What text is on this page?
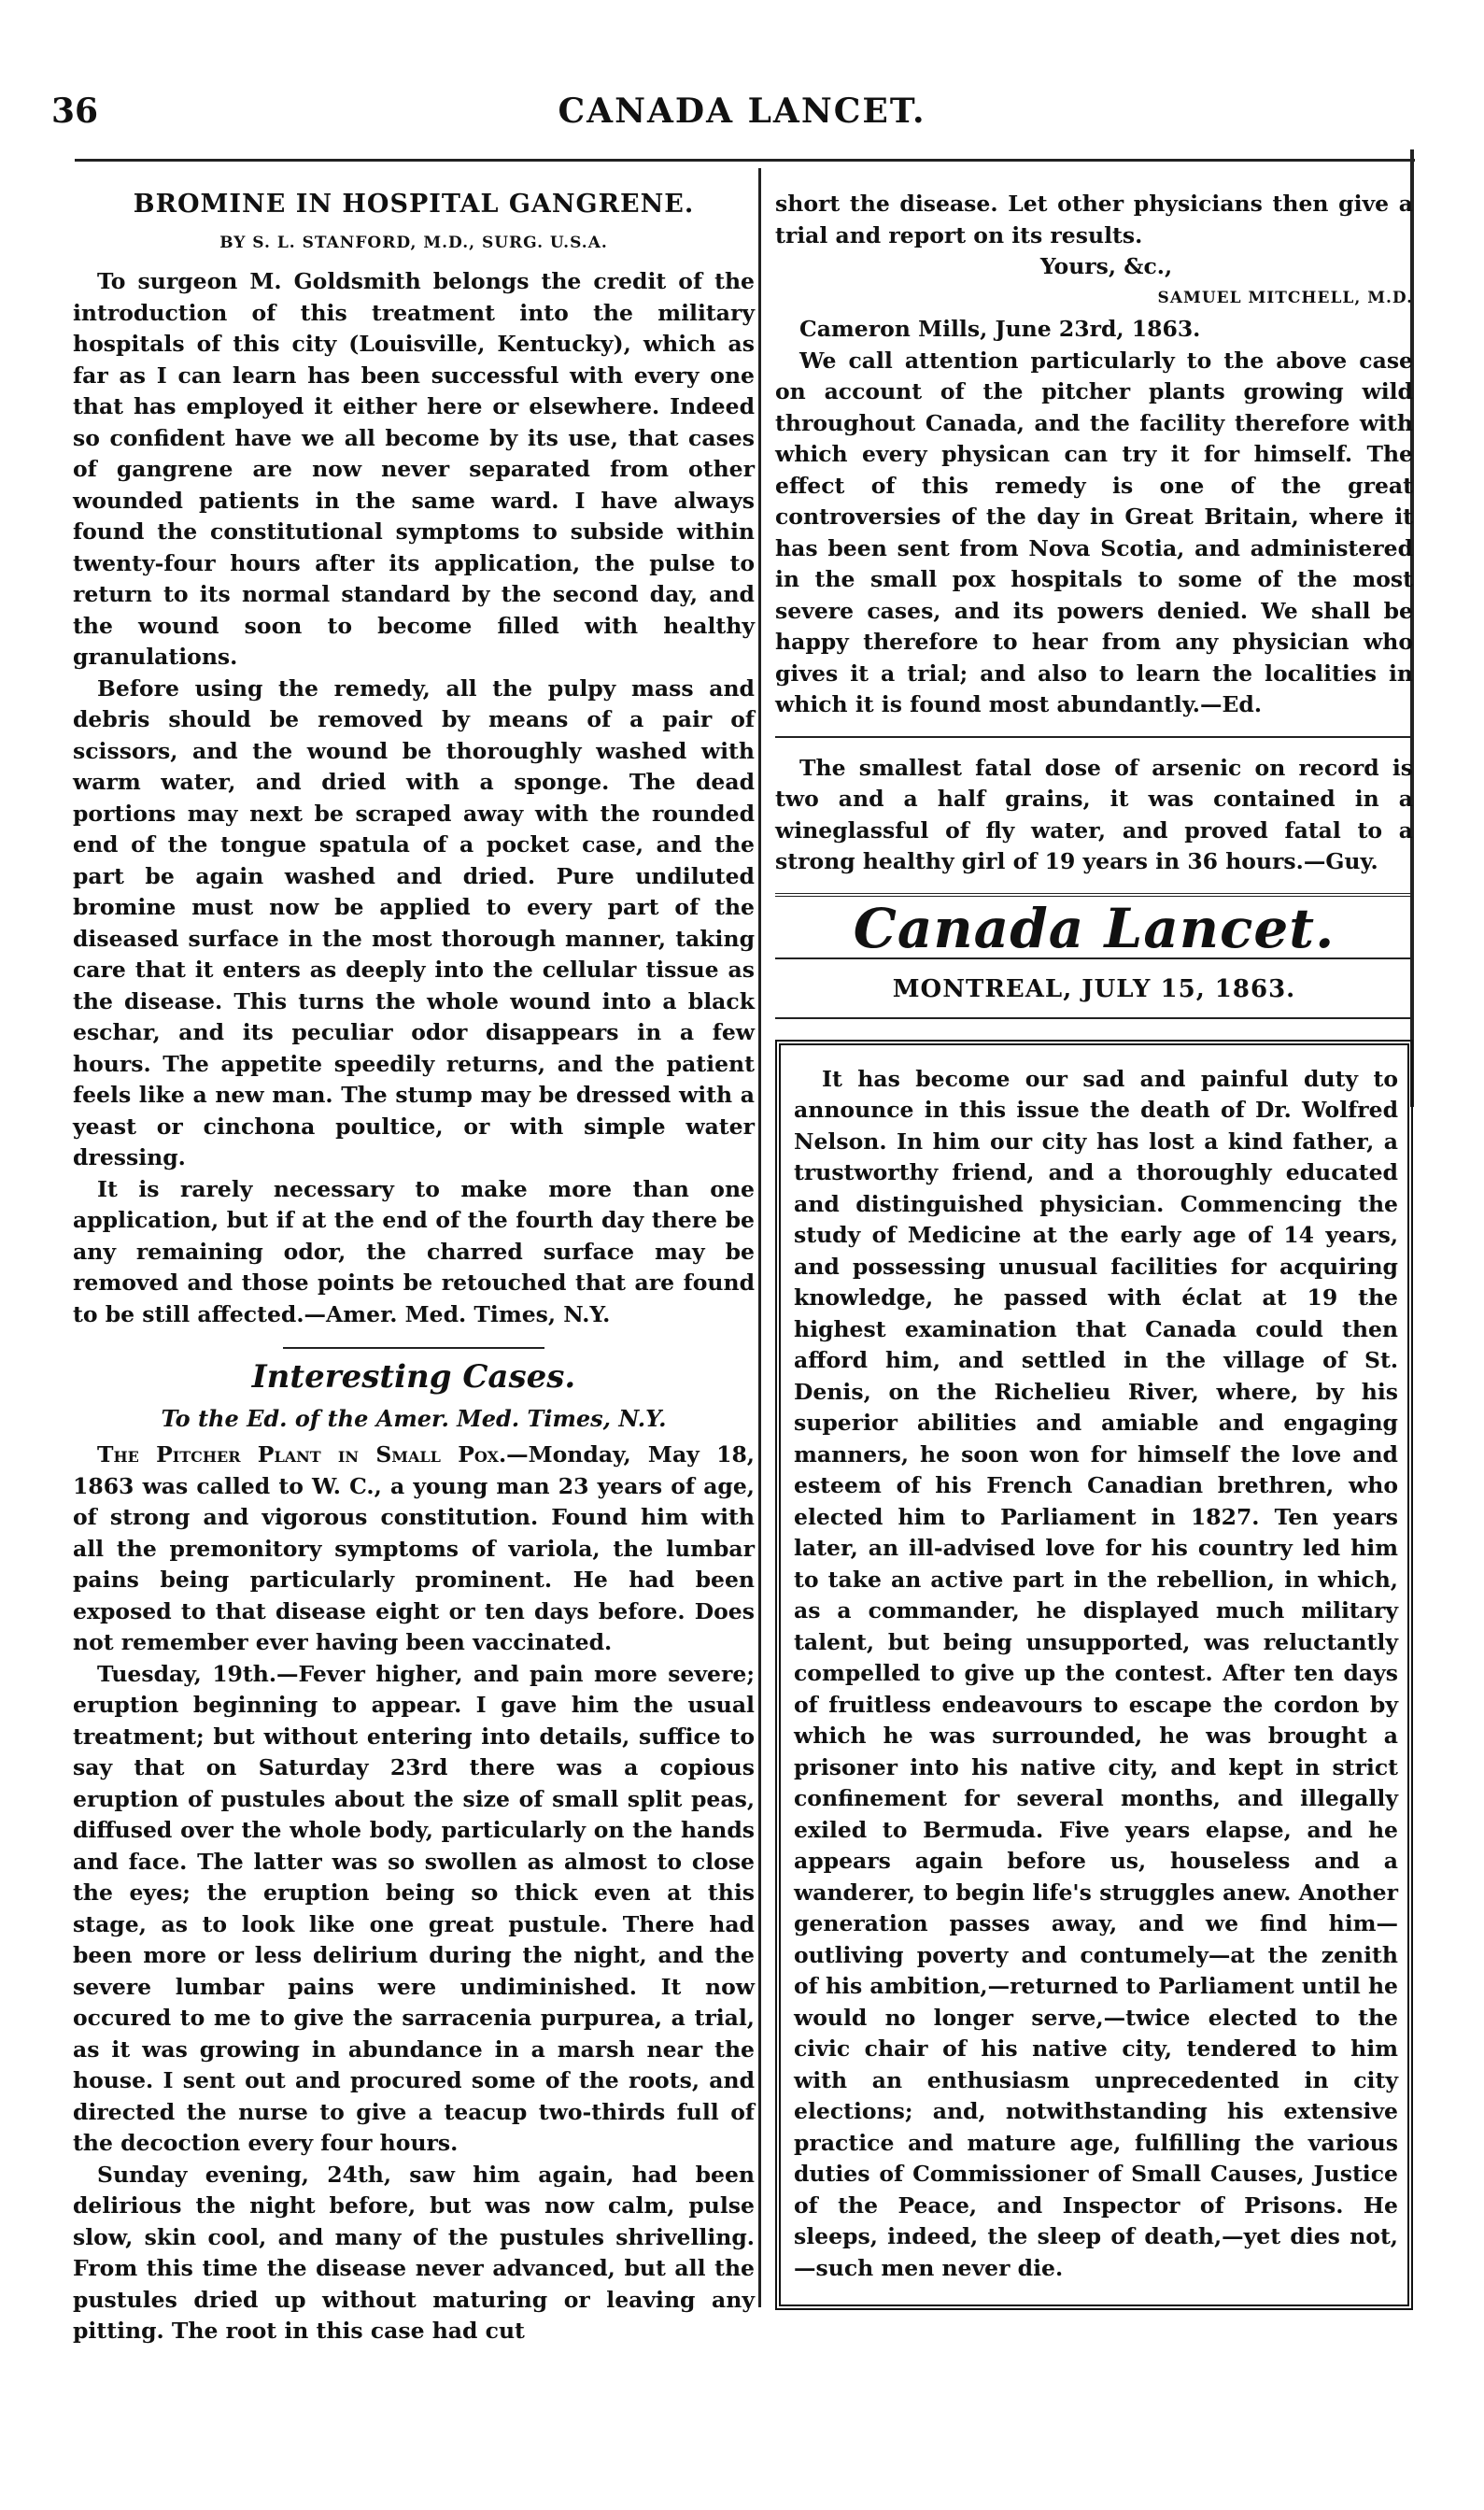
36	CANADA LANCET.
BROMINE IN HOSPITAL GANGRENE.
BY S. L. STANFORD, M.D., SURG. U.S.A.

To surgeon M. Goldsmith belongs the credit of the introduction of this treatment into the military hospitals of this city (Louisville, Kentucky), which as far as I can learn has been successful with every one that has employed it either here or elsewhere. Indeed so confident have we all become by its use, that cases of gangrene are now never separated from other wounded patients in the same ward. I have always found the constitutional symptoms to subside within twenty-four hours after its application, the pulse to return to its normal standard by the second day, and the wound soon to become filled with healthy granulations.

Before using the remedy, all the pulpy mass and debris should be removed by means of a pair of scissors, and the wound be thoroughly washed with warm water, and dried with a sponge. The dead portions may next be scraped away with the rounded end of the tongue spatula of a pocket case, and the part be again washed and dried. Pure undiluted bromine must now be applied to every part of the diseased surface in the most thorough manner, taking care that it enters as deeply into the cellular tissue as the disease. This turns the whole wound into a black eschar, and its peculiar odor disappears in a few hours. The appetite speedily returns, and the patient feels like a new man. The stump may be dressed with a yeast or cinchona poultice, or with simple water dressing.

It is rarely necessary to make more than one application, but if at the end of the fourth day there be any remaining odor, the charred surface may be removed and those points be retouched that are found to be still affected.—Amer. Med. Times, N.Y.

Interesting Cases.
To the Ed. of the Amer. Med. Times, N.Y.

The Pitcher Plant in Small Pox.—Monday, May 18, 1863 was called to W. C., a young man 23 years of age, of strong and vigorous constitution. Found him with all the premonitory symptoms of variola, the lumbar pains being particularly prominent. He had been exposed to that disease eight or ten days before. Does not remember ever having been vaccinated.

Tuesday, 19th.—Fever higher, and pain more severe; eruption beginning to appear. I gave him the usual treatment; but without entering into details, suffice to say that on Saturday 23rd there was a copious eruption of pustules about the size of small split peas, diffused over the whole body, particularly on the hands and face. The latter was so swollen as almost to close the eyes; the eruption being so thick even at this stage, as to look like one great pustule. There had been more or less delirium during the night, and the severe lumbar pains were undiminished. It now occured to me to give the sarracenia purpurea, a trial, as it was growing in abundance in a marsh near the house. I sent out and procured some of the roots, and directed the nurse to give a teacup two-thirds full of the decoction every four hours.

Sunday evening, 24th, saw him again, had been delirious the night before, but was now calm, pulse slow, skin cool, and many of the pustules shrivelling. From this time the disease never advanced, but all the pustules dried up without maturing or leaving any pitting. The root in this case had cut

short the disease. Let other physicians then give a trial and report on its results.

Yours, &c.,

SAMUEL MITCHELL, M.D.

Cameron Mills, June 23rd, 1863.

We call attention particularly to the above case on account of the pitcher plants growing wild throughout Canada, and the facility therefore with which every physican can try it for himself. The effect of this remedy is one of the great controversies of the day in Great Britain, where it has been sent from Nova Scotia, and administered in the small pox hospitals to some of the most severe cases, and its powers denied. We shall be happy therefore to hear from any physician who gives it a trial; and also to learn the localities in which it is found most abundantly.—Ed.

The smallest fatal dose of arsenic on record is two and a half grains, it was contained in a wineglassful of fly water, and proved fatal to a strong healthy girl of 19 years in 36 hours.—Guy.

Canada Lancet.
MONTREAL, JULY 15, 1863.

It has become our sad and painful duty to announce in this issue the death of Dr. Wolfred Nelson. In him our city has lost a kind father, a trustworthy friend, and a thoroughly educated and distinguished physician. Commencing the study of Medicine at the early age of 14 years, and possessing unusual facilities for acquiring knowledge, he passed with éclat at 19 the highest examination that Canada could then afford him, and settled in the village of St. Denis, on the Richelieu River, where, by his superior abilities and amiable and engaging manners, he soon won for himself the love and esteem of his French Canadian brethren, who elected him to Parliament in 1827. Ten years later, an ill-advised love for his country led him to take an active part in the rebellion, in which, as a commander, he displayed much military talent, but being unsupported, was reluctantly compelled to give up the contest. After ten days of fruitless endeavours to escape the cordon by which he was surrounded, he was brought a prisoner into his native city, and kept in strict confinement for several months, and illegally exiled to Bermuda. Five years elapse, and he appears again before us, houseless and a wanderer, to begin life's struggles anew. Another generation passes away, and we find him—outliving poverty and contumely—at the zenith of his ambition,—returned to Parliament until he would no longer serve,—twice elected to the civic chair of his native city, tendered to him with an enthusiasm unprecedented in city elections; and, notwithstanding his extensive practice and mature age, fulfilling the various duties of Commissioner of Small Causes, Justice of the Peace, and Inspector of Prisons. He sleeps, indeed, the sleep of death,—yet dies not,—such men never die.
